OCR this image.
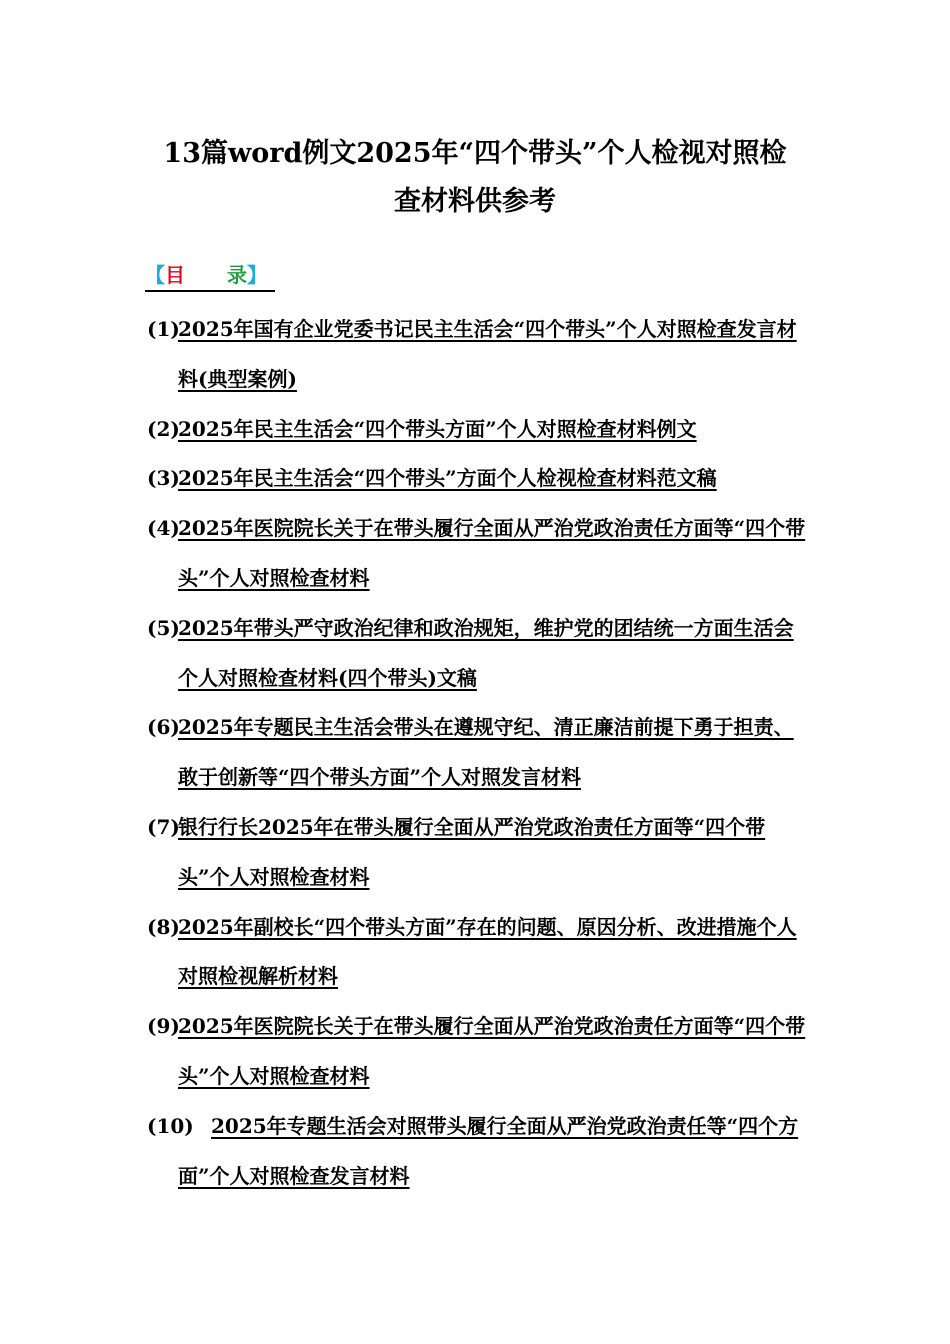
13篇word例文2025年“四个带头”个人检视对照检
查材料供参考
【目 录】
(1)
2025年国有企业党委书记民主生活会“四个带头”个人对照检查发言材料(典型案例)
(2)
2025年民主生活会“四个带头方面”个人对照检查材料例文
(3)
2025年民主生活会“四个带头”方面个人检视检查材料范文稿
(4)
2025年医院院长关于在带头履行全面从严治党政治责任方面等“四个带头”个人对照检查材料
(5)
2025年带头严守政治纪律和政治规矩，维护党的团结统一方面生活会个人对照检查材料(四个带头)文稿
(6)
2025年专题民主生活会带头在遵规守纪、清正廉洁前提下勇于担责、敢于创新等“四个带头方面”个人对照发言材料
(7)
银行行长2025年在带头履行全面从严治党政治责任方面等“四个带头”个人对照检查材料
(8)
2025年副校长“四个带头方面”存在的问题、原因分析、改进措施个人对照检视解析材料
(9)
2025年医院院长关于在带头履行全面从严治党政治责任方面等“四个带头”个人对照检查材料
(10) 2025年专题生活会对照带头履行全面从严治党政治责任等“四个方面”个人对照检查发言材料
